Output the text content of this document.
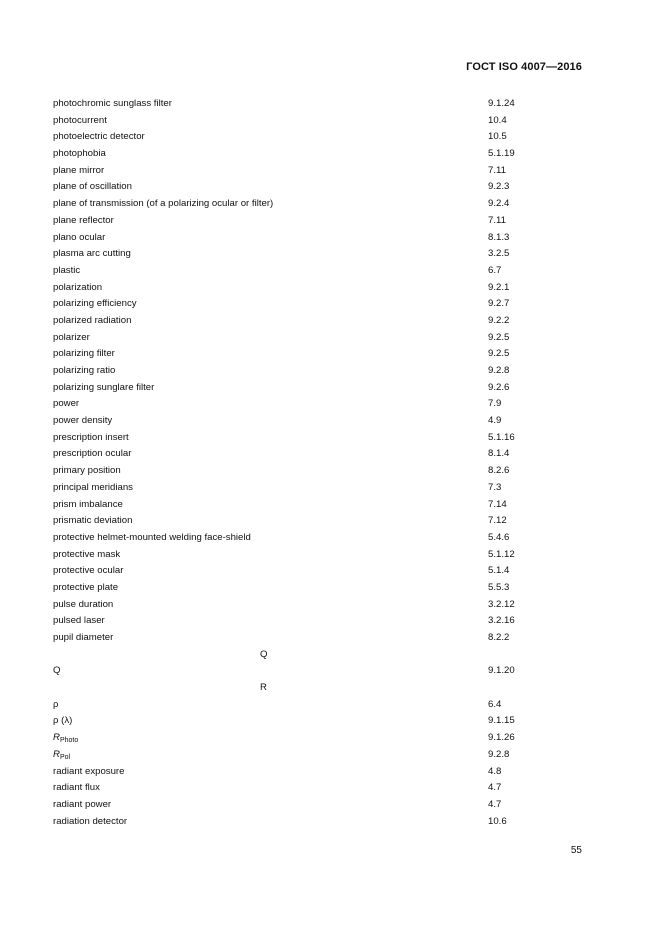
ГОСТ ISO 4007—2016
photochromic sunglass filter	9.1.24
photocurrent	10.4
photoelectric detector	10.5
photophobia	5.1.19
plane mirror	7.11
plane of oscillation	9.2.3
plane of transmission (of a polarizing ocular or filter)	9.2.4
plane reflector	7.11
plano ocular	8.1.3
plasma arc cutting	3.2.5
plastic	6.7
polarization	9.2.1
polarizing efficiency	9.2.7
polarized radiation	9.2.2
polarizer	9.2.5
polarizing filter	9.2.5
polarizing ratio	9.2.8
polarizing sunglare filter	9.2.6
power	7.9
power density	4.9
prescription insert	5.1.16
prescription ocular	8.1.4
primary position	8.2.6
principal meridians	7.3
prism imbalance	7.14
prismatic deviation	7.12
protective helmet-mounted welding face-shield	5.4.6
protective mask	5.1.12
protective ocular	5.1.4
protective plate	5.5.3
pulse duration	3.2.12
pulsed laser	3.2.16
pupil diameter	8.2.2
Q
Q	9.1.20
R
ρ	6.4
ρ (λ)	9.1.15
$R_{Photo}$	9.1.26
$R_{Pol}$	9.2.8
radiant exposure	4.8
radiant flux	4.7
radiant power	4.7
radiation detector	10.6
55
